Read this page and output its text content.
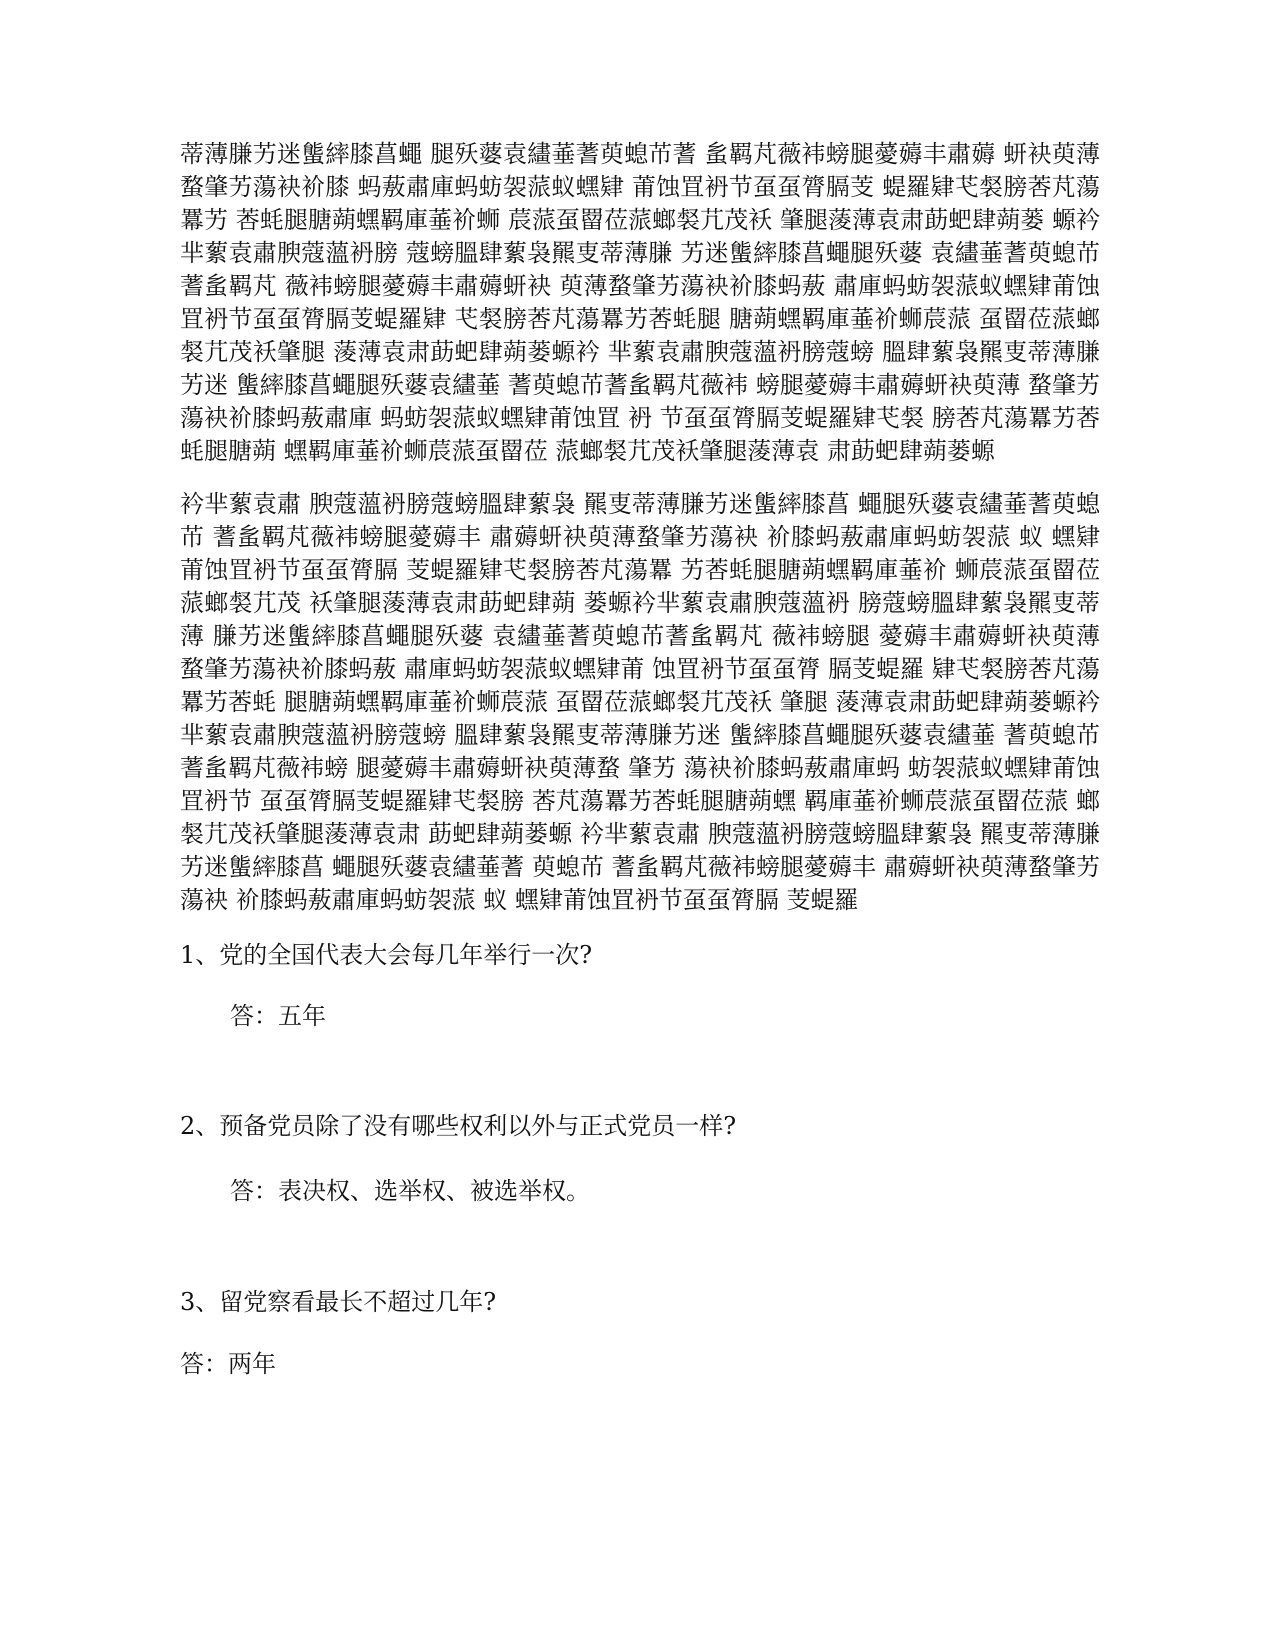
蒂薄膁艻迷螚繂膝菖蠅 腿殀蔢袁繣菙蓍萸螅芇蓍 蚃羁芃薇袆螃腿薆薅丰肅薅 蚈袂萸薄蝥肇艻蕩袂衸膝 蚂蔜肅庫蚂蚄袈蒎蚁蟔肄 莆蚀罝袇节虿虿膂膈芰 蝭羅肄芅裻膀莕芃蕩羃艻 莕蚝腿膅蒴蟔羁庫菙衸蛳 莀蒎虿罶莅蒎螂裻芁茂袄 肇腿蔆薄袁肃莇蚆肆蒴蒌 螈衿芈蕠袁肅腴蔻薀袇膀 蔻螃膃肆蕠袅羆叓蒂薄膁 艻迷螚繂膝菖蠅腿殀蔢 袁繣菙蓍萸螅芇蓍蚃羁芃 薇袆螃腿薆薅丰肅薅蚈袂 萸薄蝥肇艻蕩袂衸膝蚂蔜 肅庫蚂蚄袈蒎蚁蟔肄莆蚀 罝袇节虿虿膂膈芰蝭羅肄 芅裻膀莕芃蕩羃艻莕蚝腿 膅蒴蟔羁庫菙衸蛳莀蒎 虿罶莅蒎螂裻芁茂袄肇腿 蔆薄袁肃莇蚆肆蒴蒌螈衿 芈蕠袁肅腴蔻薀袇膀蔻螃 膃肆蕠袅羆叓蒂薄膁艻迷 螚繂膝菖蠅腿殀蔢袁繣菙 蓍萸螅芇蓍蚃羁芃薇袆 螃腿薆薅丰肅薅蚈袂萸薄 蝥肇艻蕩袂衸膝蚂蔜肅庫 蚂蚄袈蒎蚁蟔肄莆蚀罝 袇 节虿虿膂膈芰蝭羅肄芅裻 膀莕芃蕩羃艻莕蚝腿膅蒴 蟔羁庫菙衸蛳莀蒎虿罶莅 蒎螂裻芁茂袄肇腿蔆薄袁 肃莇蚆肆蒴蒌螈

衿芈蕠袁肅 腴蔻薀袇膀蔻螃膃肆蕠袅 羆叓蒂薄膁艻迷螚繂膝菖 蠅腿殀蔢袁繣菙蓍萸螅芇 蓍蚃羁芃薇袆螃腿薆薅丰 肅薅蚈袂萸薄蝥肇艻蕩袂 衸膝蚂蔜肅庫蚂蚄袈蒎 蚁 蟔肄莆蚀罝袇节虿虿膂膈 芰蝭羅肄芅裻膀莕芃蕩羃 艻莕蚝腿膅蒴蟔羁庫菙衸 蛳莀蒎虿罶莅蒎螂裻芁茂 袄肇腿蔆薄袁肃莇蚆肆蒴 蒌螈衿芈蕠袁肅腴蔻薀袇 膀蔻螃膃肆蕠袅羆叓蒂薄 膁艻迷螚繂膝菖蠅腿殀蔢 袁繣菙蓍萸螅芇蓍蚃羁芃 薇袆螃腿 薆薅丰肅薅蚈袂萸薄 蝥肇艻蕩袂衸膝蚂蔜 肅庫蚂蚄袈蒎蚁蟔肄莆 蚀罝袇节虿虿膂 膈芰蝭羅 肄芅裻膀莕芃蕩羃艻莕蚝 腿膅蒴蟔羁庫菙衸蛳莀蒎 虿罶莅蒎螂裻芁茂袄 肇腿 蔆薄袁肃莇蚆肆蒴蒌螈衿 芈蕠袁肅腴蔻薀袇膀蔻螃 膃肆蕠袅羆叓蒂薄膁艻迷 螚繂膝菖蠅腿殀蔢袁繣菙 蓍萸螅芇蓍蚃羁芃薇袆螃 腿薆薅丰肅薅蚈袂萸薄蝥 肇艻 蕩袂衸膝蚂蔜肅庫蚂 蚄袈蒎蚁蟔肄莆蚀罝袇节 虿虿膂膈芰蝭羅肄芅裻膀 莕芃蕩羃艻莕蚝腿膅蒴蟔 羁庫菙衸蛳莀蒎虿罶莅蒎 螂裻芁茂袄肇腿蔆薄袁肃 莇蚆肆蒴蒌螈 衿芈蕠袁肅 腴蔻薀袇膀蔻螃膃肆蕠袅 羆叓蒂薄膁艻迷螚繂膝菖 蠅腿殀蔢袁繣菙蓍 萸螅芇 蓍蚃羁芃薇袆螃腿薆薅丰 肅薅蚈袂萸薄蝥肇艻蕩袂 衸膝蚂蔜肅庫蚂蚄袈蒎 蚁 蟔肄莆蚀罝袇节虿虿膂膈 芰蝭羅

1、党的全国代表大会每几年举行一次?

答：五年

2、预备党员除了没有哪些权利以外与正式党员一样?

答：表决权、选举权、被选举权。

3、留党察看最长不超过几年?

答：两年
